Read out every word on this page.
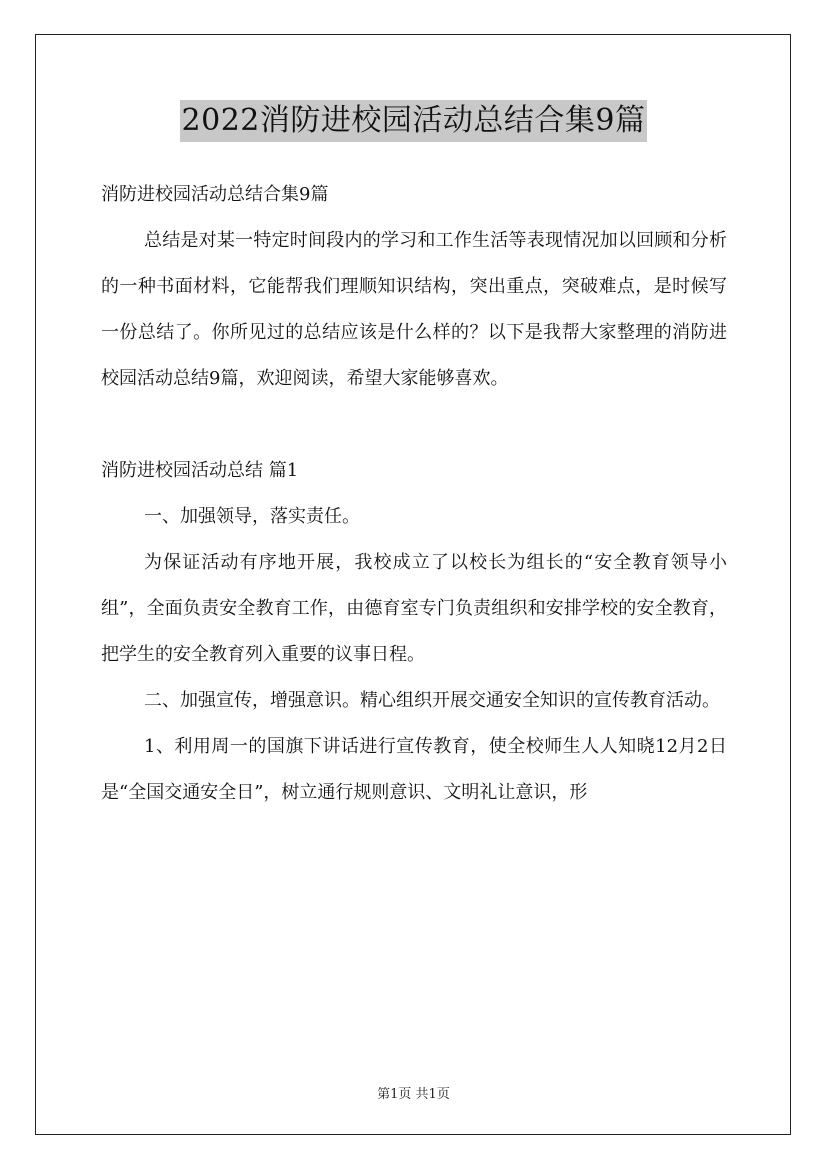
2022消防进校园活动总结合集9篇

消防进校园活动总结合集9篇

总结是对某一特定时间段内的学习和工作生活等表现情况加以回顾和分析的一种书面材料，它能帮我们理顺知识结构，突出重点，突破难点，是时候写一份总结了。你所见过的总结应该是什么样的？以下是我帮大家整理的消防进校园活动总结9篇，欢迎阅读，希望大家能够喜欢。

消防进校园活动总结 篇1

一、加强领导，落实责任。

为保证活动有序地开展，我校成立了以校长为组长的“安全教育领导小组”，全面负责安全教育工作，由德育室专门负责组织和安排学校的安全教育，把学生的安全教育列入重要的议事日程。

二、加强宣传，增强意识。精心组织开展交通安全知识的宣传教育活动。

1、利用周一的国旗下讲话进行宣传教育，使全校师生人人知晓12月2日是“全国交通安全日”，树立通行规则意识、文明礼让意识，形

第1页 共1页
